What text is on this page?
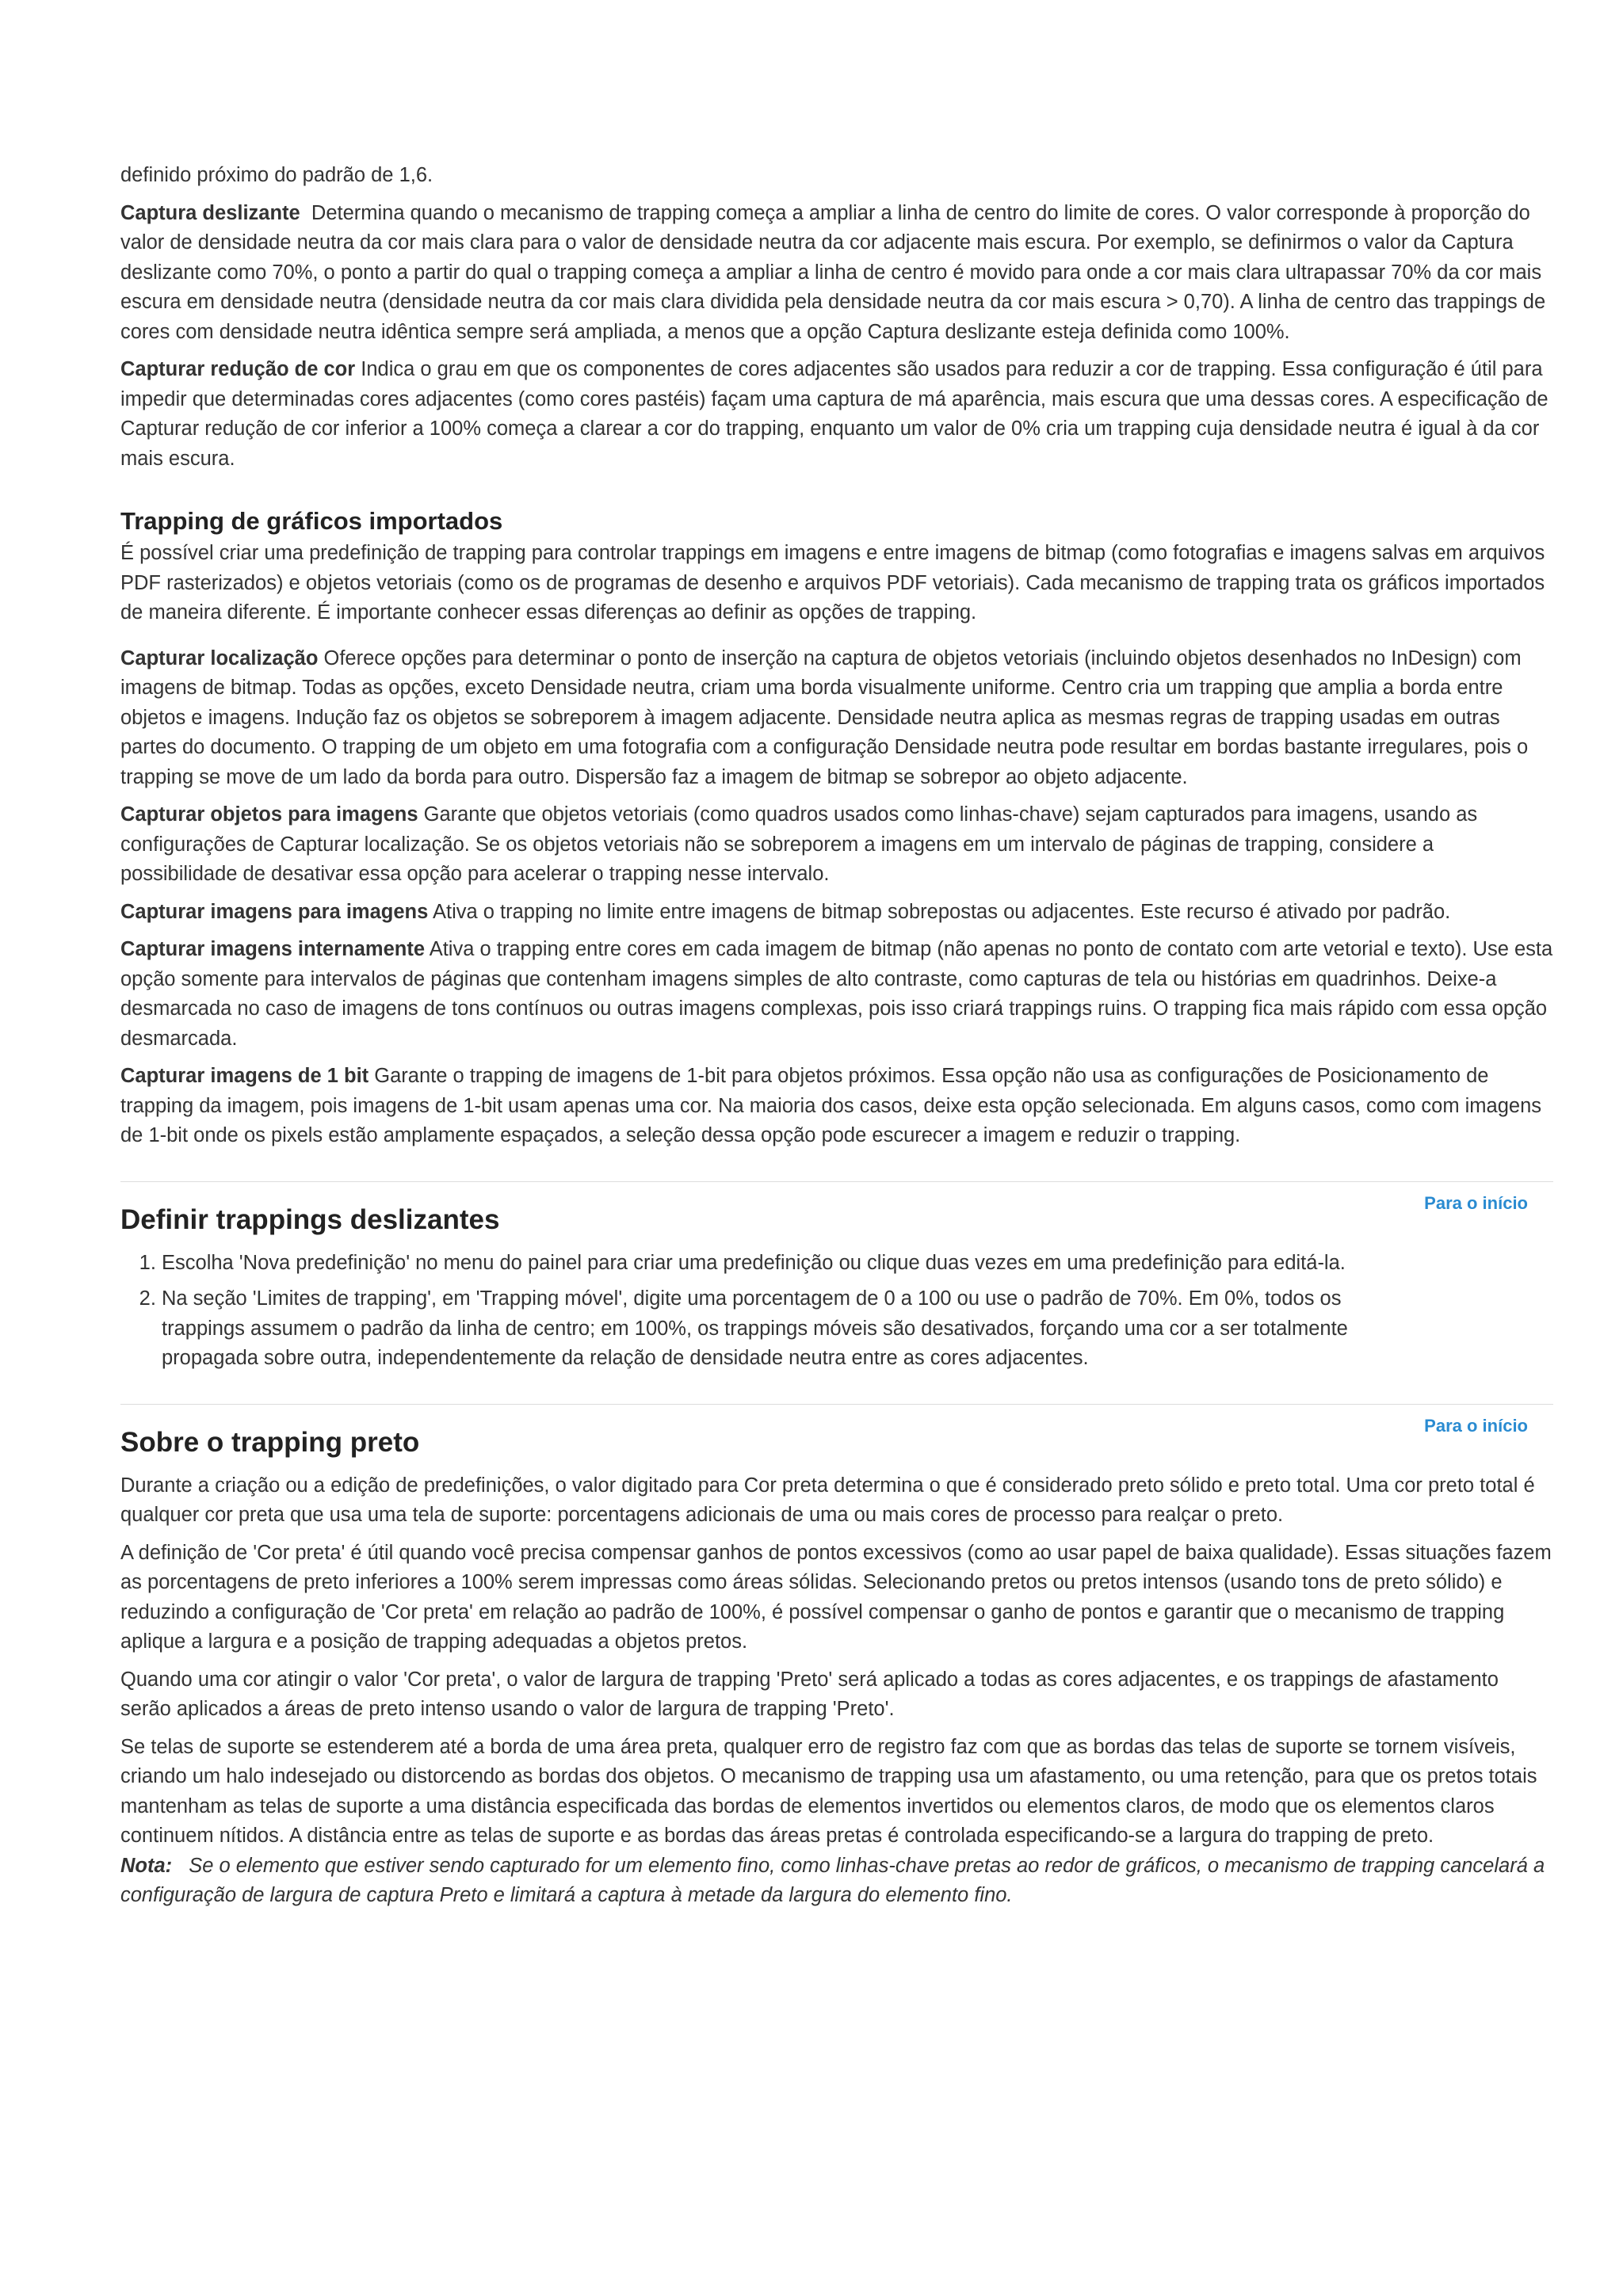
definido próximo do padrão de 1,6.

Captura deslizante Determina quando o mecanismo de trapping começa a ampliar a linha de centro do limite de cores. O valor corresponde à proporção do valor de densidade neutra da cor mais clara para o valor de densidade neutra da cor adjacente mais escura. Por exemplo, se definirmos o valor da Captura deslizante como 70%, o ponto a partir do qual o trapping começa a ampliar a linha de centro é movido para onde a cor mais clara ultrapassar 70% da cor mais escura em densidade neutra (densidade neutra da cor mais clara dividida pela densidade neutra da cor mais escura > 0,70). A linha de centro das trappings de cores com densidade neutra idêntica sempre será ampliada, a menos que a opção Captura deslizante esteja definida como 100%.

Capturar redução de cor Indica o grau em que os componentes de cores adjacentes são usados para reduzir a cor de trapping. Essa configuração é útil para impedir que determinadas cores adjacentes (como cores pastéis) façam uma captura de má aparência, mais escura que uma dessas cores. A especificação de Capturar redução de cor inferior a 100% começa a clarear a cor do trapping, enquanto um valor de 0% cria um trapping cuja densidade neutra é igual à da cor mais escura.

Trapping de gráficos importados

É possível criar uma predefinição de trapping para controlar trappings em imagens e entre imagens de bitmap (como fotografias e imagens salvas em arquivos PDF rasterizados) e objetos vetoriais (como os de programas de desenho e arquivos PDF vetoriais). Cada mecanismo de trapping trata os gráficos importados de maneira diferente. É importante conhecer essas diferenças ao definir as opções de trapping.

Capturar localização Oferece opções para determinar o ponto de inserção na captura de objetos vetoriais (incluindo objetos desenhados no InDesign) com imagens de bitmap. Todas as opções, exceto Densidade neutra, criam uma borda visualmente uniforme. Centro cria um trapping que amplia a borda entre objetos e imagens. Indução faz os objetos se sobreporem à imagem adjacente. Densidade neutra aplica as mesmas regras de trapping usadas em outras partes do documento. O trapping de um objeto em uma fotografia com a configuração Densidade neutra pode resultar em bordas bastante irregulares, pois o trapping se move de um lado da borda para outro. Dispersão faz a imagem de bitmap se sobrepor ao objeto adjacente.

Capturar objetos para imagens Garante que objetos vetoriais (como quadros usados como linhas-chave) sejam capturados para imagens, usando as configurações de Capturar localização. Se os objetos vetoriais não se sobreporem a imagens em um intervalo de páginas de trapping, considere a possibilidade de desativar essa opção para acelerar o trapping nesse intervalo.

Capturar imagens para imagens Ativa o trapping no limite entre imagens de bitmap sobrepostas ou adjacentes. Este recurso é ativado por padrão.

Capturar imagens internamente Ativa o trapping entre cores em cada imagem de bitmap (não apenas no ponto de contato com arte vetorial e texto). Use esta opção somente para intervalos de páginas que contenham imagens simples de alto contraste, como capturas de tela ou histórias em quadrinhos. Deixe-a desmarcada no caso de imagens de tons contínuos ou outras imagens complexas, pois isso criará trappings ruins. O trapping fica mais rápido com essa opção desmarcada.

Capturar imagens de 1 bit Garante o trapping de imagens de 1-bit para objetos próximos. Essa opção não usa as configurações de Posicionamento de trapping da imagem, pois imagens de 1-bit usam apenas uma cor. Na maioria dos casos, deixe esta opção selecionada. Em alguns casos, como com imagens de 1-bit onde os pixels estão amplamente espaçados, a seleção dessa opção pode escurecer a imagem e reduzir o trapping.

Para o início
Definir trappings deslizantes
1. Escolha 'Nova predefinição' no menu do painel para criar uma predefinição ou clique duas vezes em uma predefinição para editá-la.
2. Na seção 'Limites de trapping', em 'Trapping móvel', digite uma porcentagem de 0 a 100 ou use o padrão de 70%. Em 0%, todos os trappings assumem o padrão da linha de centro; em 100%, os trappings móveis são desativados, forçando uma cor a ser totalmente propagada sobre outra, independentemente da relação de densidade neutra entre as cores adjacentes.
Para o início
Sobre o trapping preto

Durante a criação ou a edição de predefinições, o valor digitado para Cor preta determina o que é considerado preto sólido e preto total. Uma cor preto total é qualquer cor preta que usa uma tela de suporte: porcentagens adicionais de uma ou mais cores de processo para realçar o preto.

A definição de 'Cor preta' é útil quando você precisa compensar ganhos de pontos excessivos (como ao usar papel de baixa qualidade). Essas situações fazem as porcentagens de preto inferiores a 100% serem impressas como áreas sólidas. Selecionando pretos ou pretos intensos (usando tons de preto sólido) e reduzindo a configuração de 'Cor preta' em relação ao padrão de 100%, é possível compensar o ganho de pontos e garantir que o mecanismo de trapping aplique a largura e a posição de trapping adequadas a objetos pretos.

Quando uma cor atingir o valor 'Cor preta', o valor de largura de trapping 'Preto' será aplicado a todas as cores adjacentes, e os trappings de afastamento serão aplicados a áreas de preto intenso usando o valor de largura de trapping 'Preto'.

Se telas de suporte se estenderem até a borda de uma área preta, qualquer erro de registro faz com que as bordas das telas de suporte se tornem visíveis, criando um halo indesejado ou distorcendo as bordas dos objetos. O mecanismo de trapping usa um afastamento, ou uma retenção, para que os pretos totais mantenham as telas de suporte a uma distância especificada das bordas de elementos invertidos ou elementos claros, de modo que os elementos claros continuem nítidos. A distância entre as telas de suporte e as bordas das áreas pretas é controlada especificando-se a largura do trapping de preto.

Nota: Se o elemento que estiver sendo capturado for um elemento fino, como linhas-chave pretas ao redor de gráficos, o mecanismo de trapping cancelará a configuração de largura de captura Preto e limitará a captura à metade da largura do elemento fino.
